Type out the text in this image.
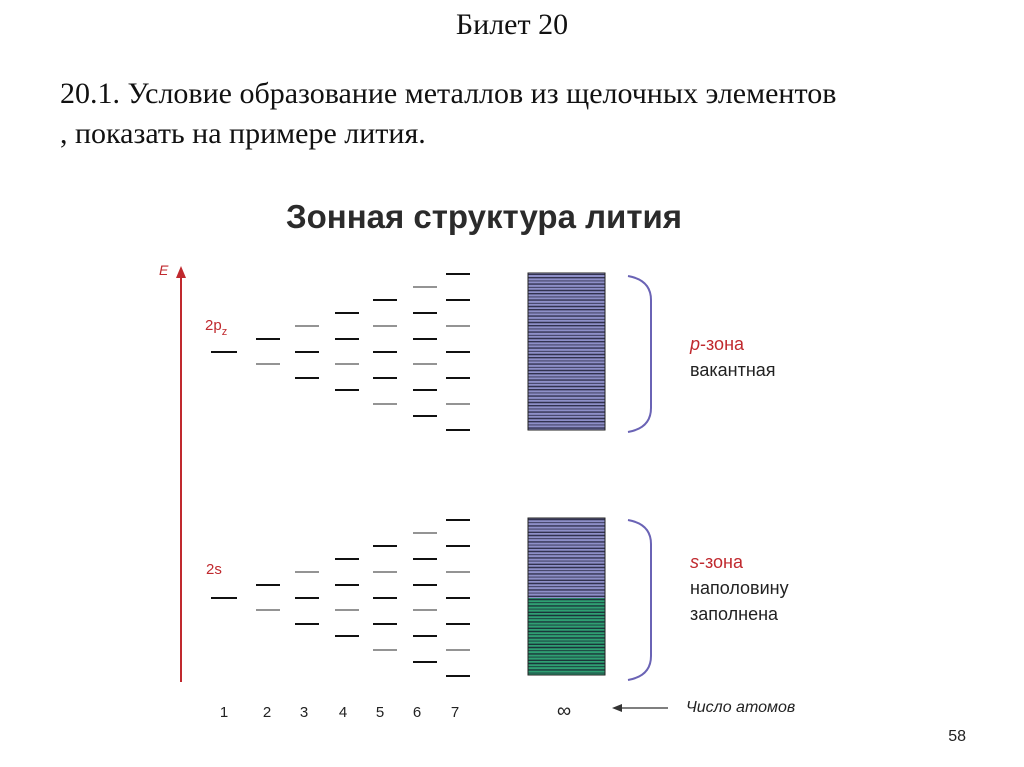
Билет 20
20.1. Условие образование металлов из щелочных элементов
, показать на примере лития.
Зонная структура лития
E
$2p_z$
2s
p-зона
вакантная
s-зона
наполовину
заполнена
1 2 3 4 5 6 7	∞	Число атомов
58
